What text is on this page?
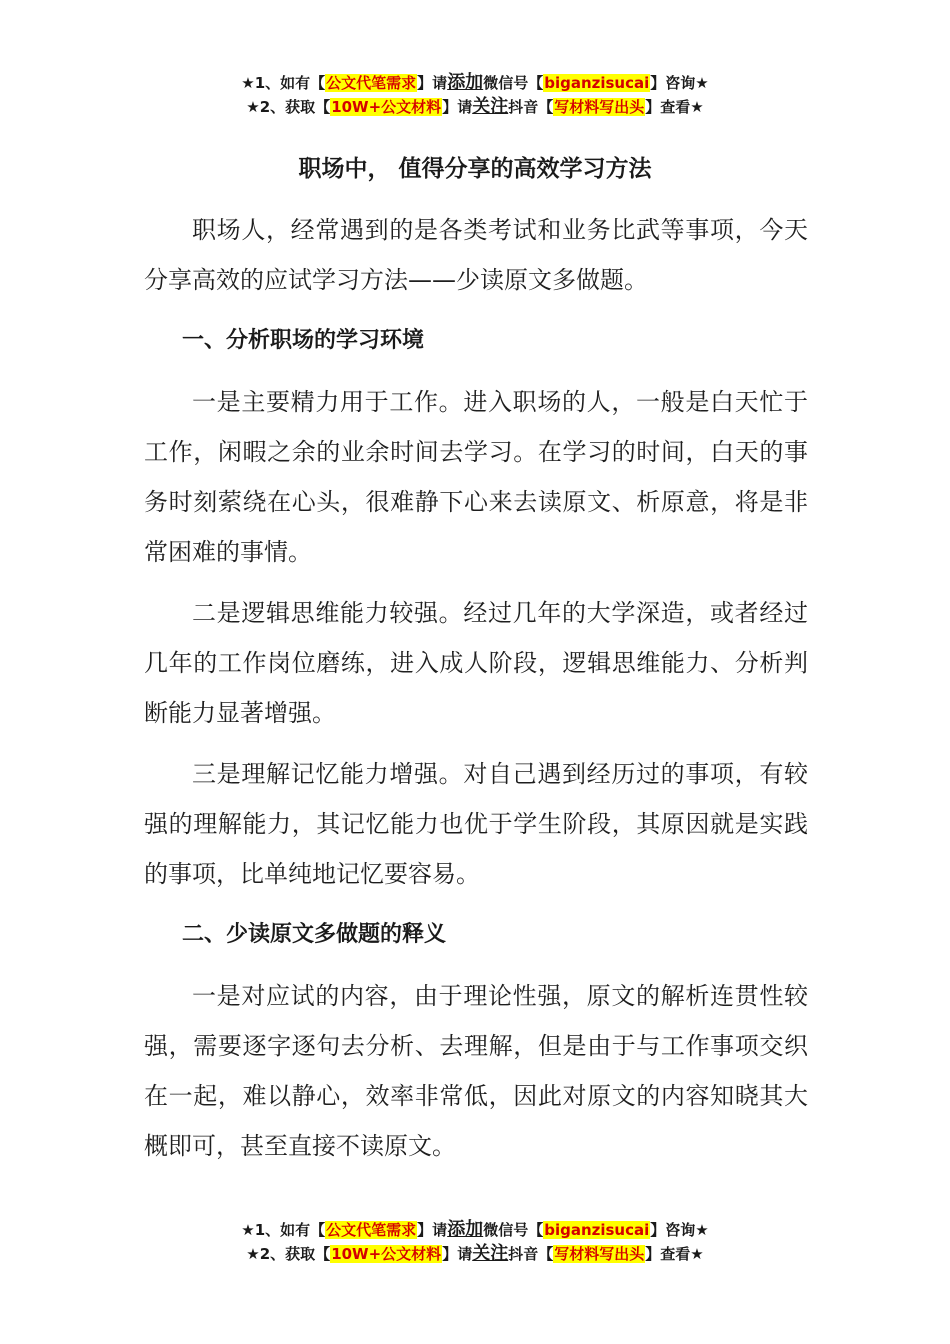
★1、如有【公文代笔需求】请添加微信号【biganzisucai】咨询★
★2、获取【10W+公文材料】请关注抖音【写材料写出头】查看★
职场中， 值得分享的高效学习方法

职场人，经常遇到的是各类考试和业务比武等事项，今天分享高效的应试学习方法——少读原文多做题。

一、分析职场的学习环境

一是主要精力用于工作。进入职场的人，一般是白天忙于工作，闲暇之余的业余时间去学习。在学习的时间，白天的事务时刻萦绕在心头，很难静下心来去读原文、析原意，将是非常困难的事情。

二是逻辑思维能力较强。经过几年的大学深造，或者经过几年的工作岗位磨练，进入成人阶段，逻辑思维能力、分析判断能力显著增强。

三是理解记忆能力增强。对自己遇到经历过的事项，有较强的理解能力，其记忆能力也优于学生阶段，其原因就是实践的事项，比单纯地记忆要容易。

二、少读原文多做题的释义

一是对应试的内容，由于理论性强，原文的解析连贯性较强，需要逐字逐句去分析、去理解，但是由于与工作事项交织在一起，难以静心，效率非常低，因此对原文的内容知晓其大概即可，甚至直接不读原文。

★1、如有【公文代笔需求】请添加微信号【biganzisucai】咨询★
★2、获取【10W+公文材料】请关注抖音【写材料写出头】查看★
